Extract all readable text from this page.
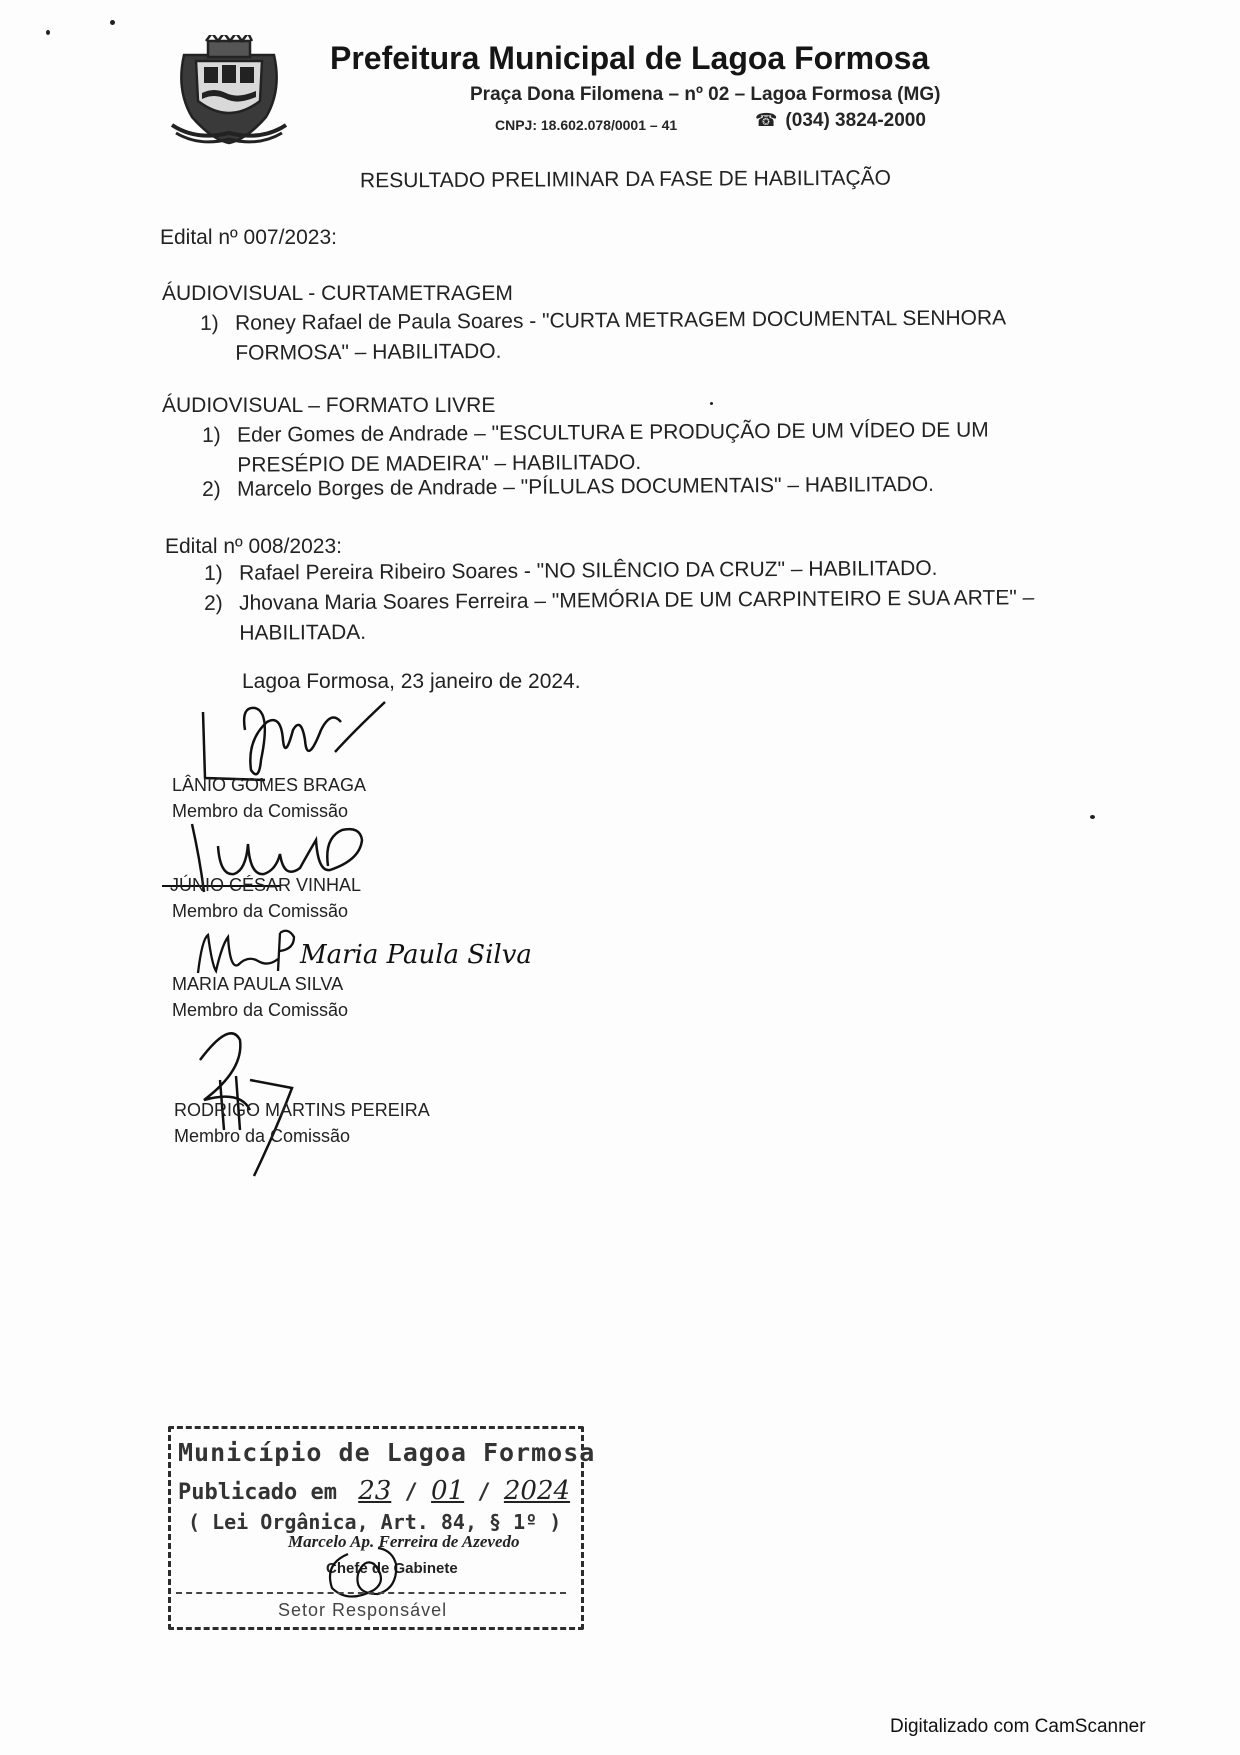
Prefeitura Municipal de Lagoa Formosa
Praça Dona Filomena – nº 02 – Lagoa Formosa (MG)
CNPJ: 18.602.078/0001 – 41	☎ (034) 3824-2000
RESULTADO PRELIMINAR DA FASE DE HABILITAÇÃO
Edital nº 007/2023:
ÁUDIOVISUAL - CURTAMETRAGEM
1) Roney Rafael de Paula Soares - "CURTA METRAGEM DOCUMENTAL SENHORA
FORMOSA" – HABILITADO.
ÁUDIOVISUAL – FORMATO LIVRE
1) Eder Gomes de Andrade – "ESCULTURA E PRODUÇÃO DE UM VÍDEO DE UM
PRESÉPIO DE MADEIRA" – HABILITADO.
2) Marcelo Borges de Andrade – "PÍLULAS DOCUMENTAIS" – HABILITADO.
Edital nº 008/2023:
1) Rafael Pereira Ribeiro Soares - "NO SILÊNCIO DA CRUZ" – HABILITADO.
2) Jhovana Maria Soares Ferreira – "MEMÓRIA DE UM CARPINTEIRO E SUA ARTE" –
HABILITADA.
Lagoa Formosa, 23 janeiro de 2024.
LÂNIO GOMES BRAGA
Membro da Comissão
JÚNIO CÉSAR VINHAL
Membro da Comissão
Maria Paula Silva
MARIA PAULA SILVA
Membro da Comissão
RODRIGO MARTINS PEREIRA
Membro da Comissão
Município de Lagoa Formosa
Publicado em 23 / 01 / 2024
( Lei Orgânica, Art. 84, § 1º )
Marcelo Ap. Ferreira de Azevedo
Chefe de Gabinete
Setor Responsável
Digitalizado com CamScanner
